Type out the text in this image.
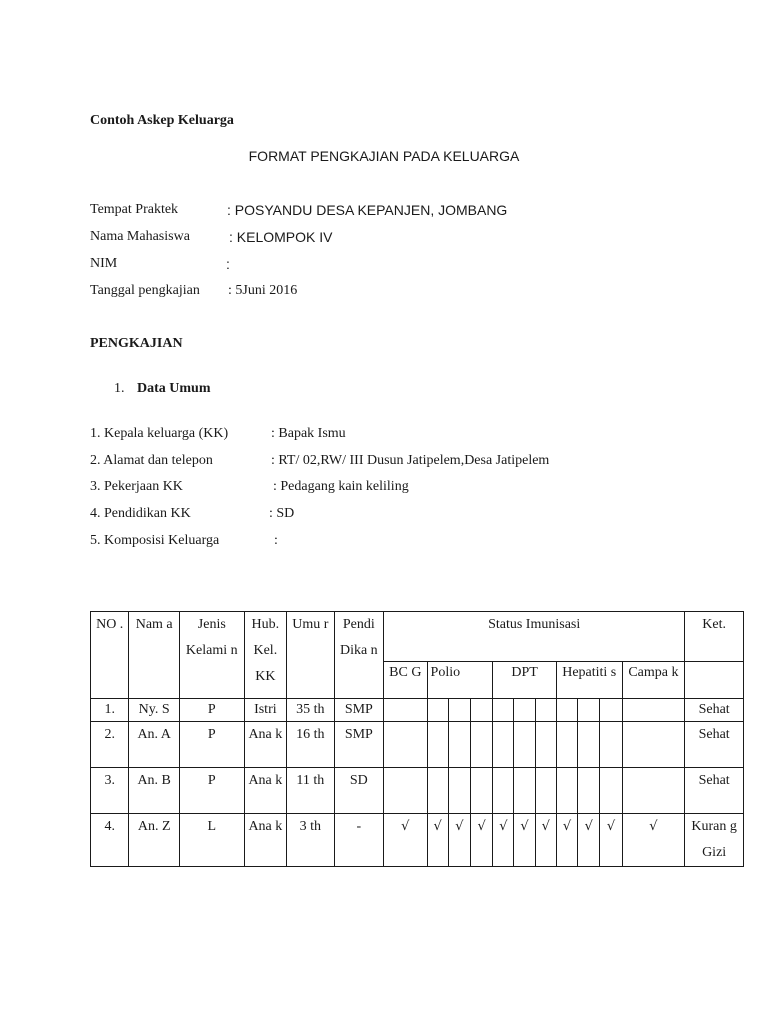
Contoh Askep Keluarga
FORMAT PENGKAJIAN PADA KELUARGA
Tempat Praktek	: POSYANDU DESA KEPANJEN, JOMBANG
Nama Mahasiswa	: KELOMPOK IV
NIM	:
Tanggal pengkajian : 5Juni 2016
PENGKAJIAN
1. Data Umum
1. Kepala keluarga (KK)	: Bapak Ismu
2. Alamat dan telepon	: RT/ 02,RW/ III Dusun Jatipelem,Desa Jatipelem
3. Pekerjaan KK	: Pedagang kain keliling
4. Pendidikan KK	: SD
5. Komposisi Keluarga	:
NO .	Nam a	Jenis Kelami n	Hub. Kel. KK	Umu r	Pendi Dika n	Status Imunisasi											Ket.
						BC G	Polio			DPT			Hepatiti s			Campa k	
1.	Ny. S	P	Istri	35 th	SMP												Sehat
2.	An. A	P	Ana k	16 th	SMP												Sehat
3.	An. B	P	Ana k	11 th	SD												Sehat
4.	An. Z	L	Ana k	3 th	-	√	√	√	√	√	√	√	√	√	√	√	Kuran g Gizi
